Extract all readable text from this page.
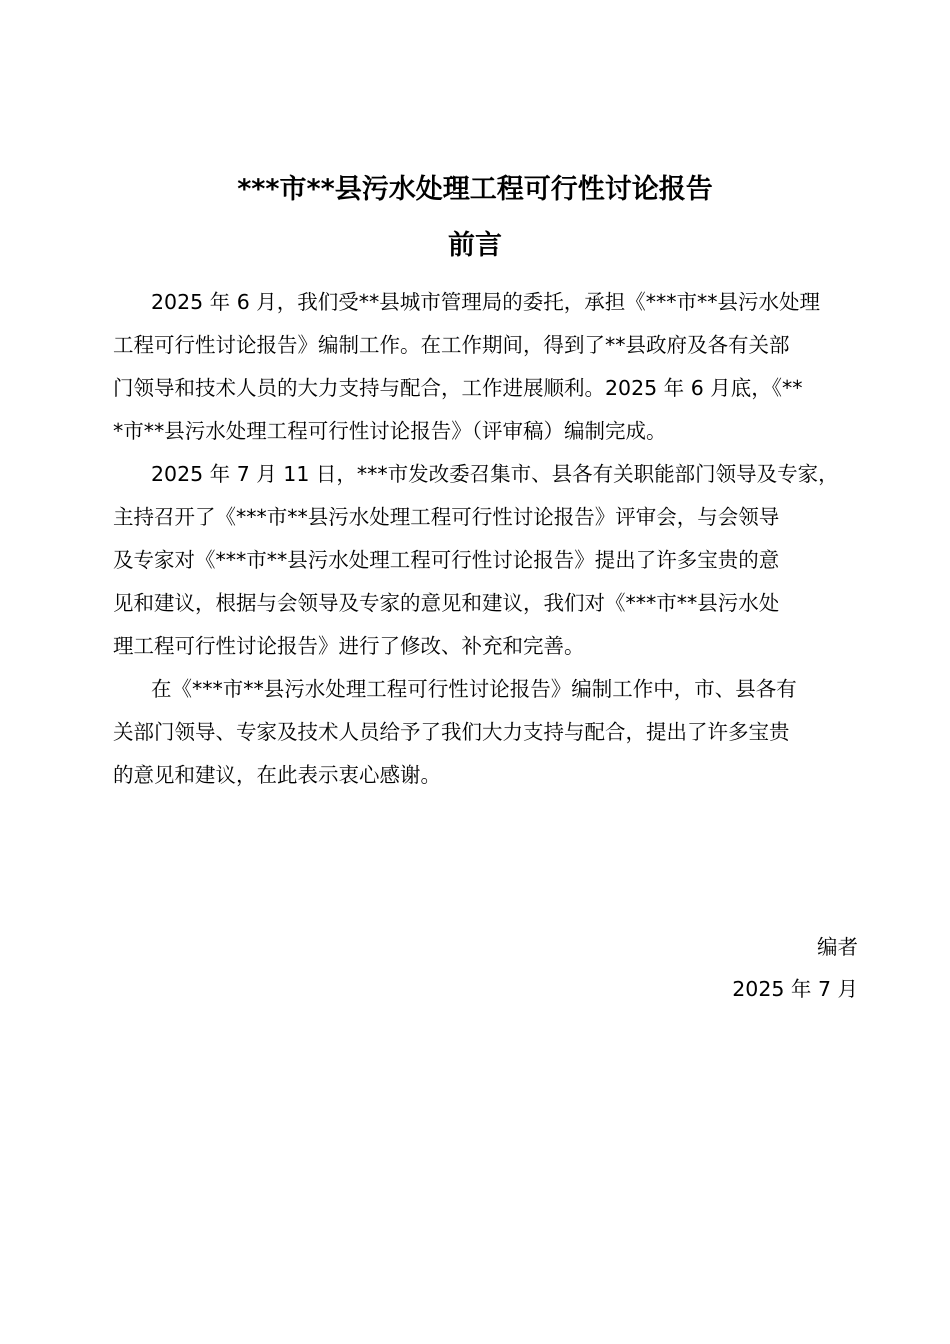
***市**县污水处理工程可行性讨论报告
前言
2025 年 6 月，我们受**县城市管理局的委托，承担《***市**县污水处理
工程可行性讨论报告》编制工作。在工作期间，得到了**县政府及各有关部
门领导和技术人员的大力支持与配合，工作进展顺利。2025 年 6 月底，《**
*市**县污水处理工程可行性讨论报告》（评审稿）编制完成。
2025 年 7 月 11 日，***市发改委召集市、县各有关职能部门领导及专家，
主持召开了《***市**县污水处理工程可行性讨论报告》评审会，与会领导
及专家对《***市**县污水处理工程可行性讨论报告》提出了许多宝贵的意
见和建议，根据与会领导及专家的意见和建议，我们对《***市**县污水处
理工程可行性讨论报告》进行了修改、补充和完善。
在《***市**县污水处理工程可行性讨论报告》编制工作中，市、县各有
关部门领导、专家及技术人员给予了我们大力支持与配合，提出了许多宝贵
的意见和建议，在此表示衷心感谢。
编者
2025 年 7 月
